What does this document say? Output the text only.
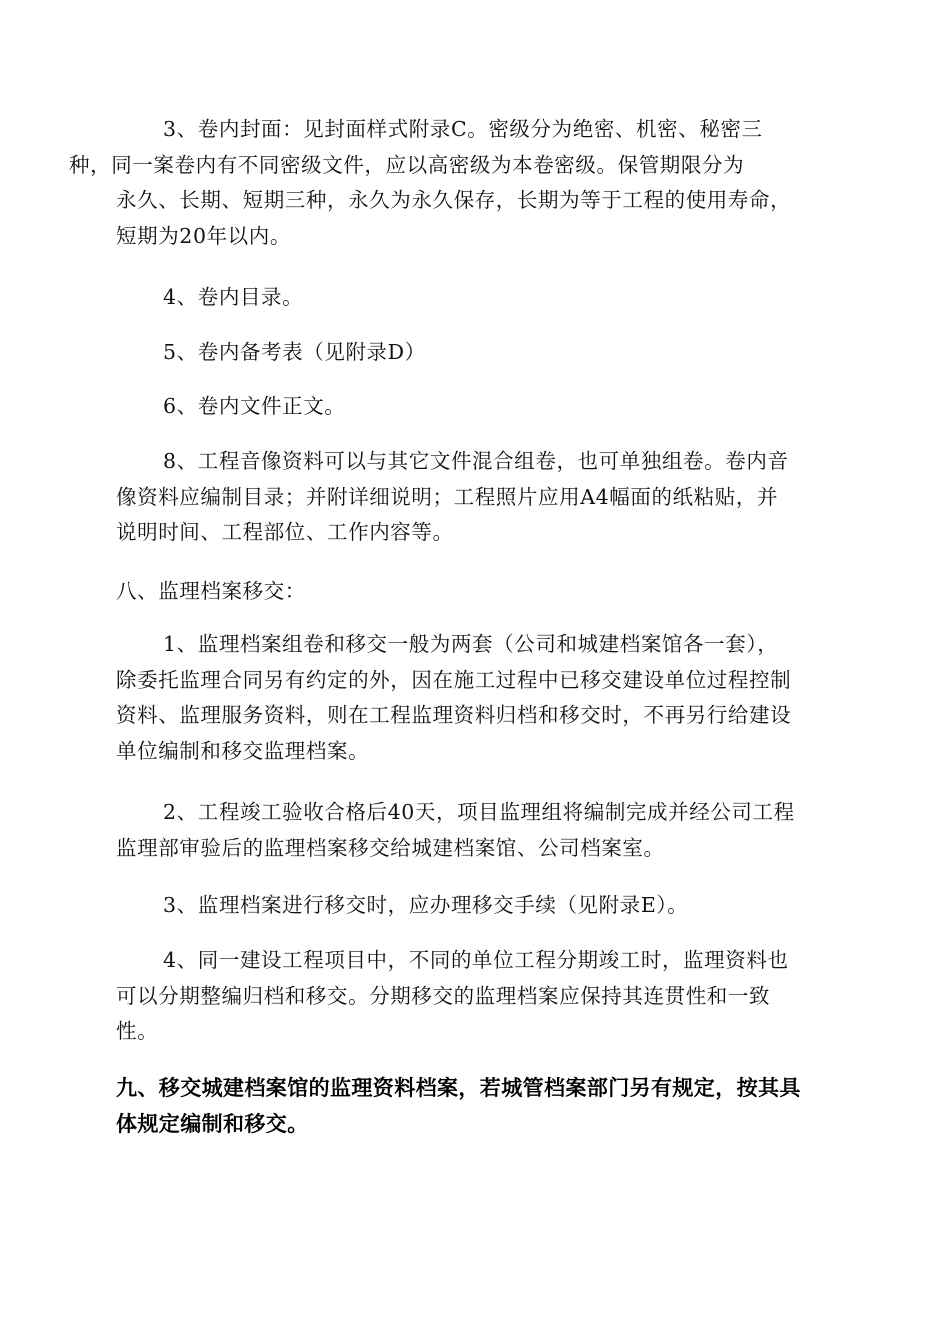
3、卷内封面：见封面样式附录C。密级分为绝密、机密、秘密三
种，同一案卷内有不同密级文件，应以高密级为本卷密级。保管期限分为
永久、长期、短期三种，永久为永久保存，长期为等于工程的使用寿命，
短期为20年以内。

4、卷内目录。

5、卷内备考表（见附录D）

6、卷内文件正文。

8、工程音像资料可以与其它文件混合组卷，也可单独组卷。卷内音
像资料应编制目录；并附详细说明；工程照片应用A4幅面的纸粘贴，并
说明时间、工程部位、工作内容等。

八、监理档案移交：

1、监理档案组卷和移交一般为两套（公司和城建档案馆各一套），
除委托监理合同另有约定的外，因在施工过程中已移交建设单位过程控制
资料、监理服务资料，则在工程监理资料归档和移交时，不再另行给建设
单位编制和移交监理档案。

2、工程竣工验收合格后40天，项目监理组将编制完成并经公司工程
监理部审验后的监理档案移交给城建档案馆、公司档案室。

3、监理档案进行移交时，应办理移交手续（见附录E）。

4、同一建设工程项目中，不同的单位工程分期竣工时，监理资料也
可以分期整编归档和移交。分期移交的监理档案应保持其连贯性和一致
性。

九、移交城建档案馆的监理资料档案，若城管档案部门另有规定，按其具
体规定编制和移交。
